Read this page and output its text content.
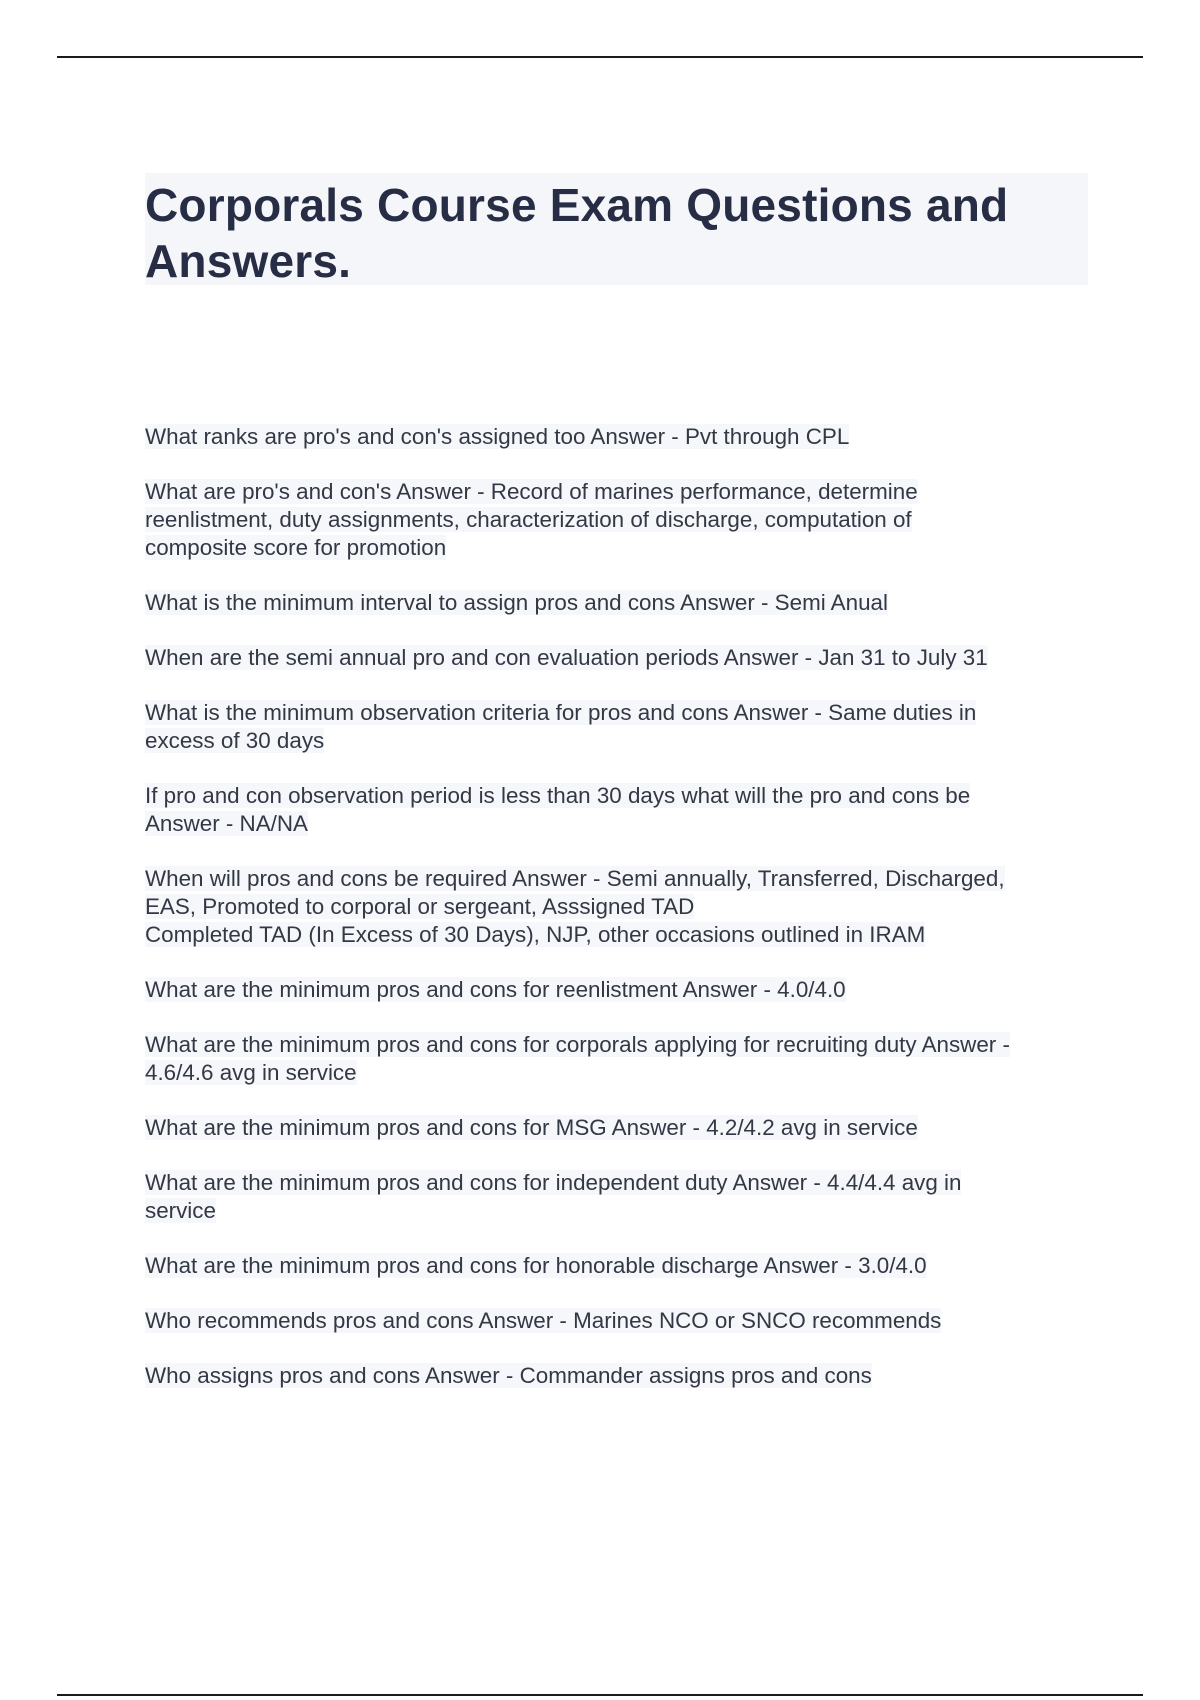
Corporals Course Exam Questions and Answers.
What ranks are pro's and con's assigned too Answer - Pvt through CPL
What are pro's and con's Answer - Record of marines performance, determine
reenlistment, duty assignments, characterization of discharge, computation of
composite score for promotion
What is the minimum interval to assign pros and cons Answer - Semi Anual
When are the semi annual pro and con evaluation periods Answer - Jan 31 to July 31
What is the minimum observation criteria for pros and cons Answer - Same duties in
excess of 30 days
If pro and con observation period is less than 30 days what will the pro and cons be
Answer - NA/NA
When will pros and cons be required Answer - Semi annually, Transferred, Discharged,
EAS, Promoted to corporal or sergeant, Asssigned TAD
Completed TAD (In Excess of 30 Days), NJP, other occasions outlined in IRAM
What are the minimum pros and cons for reenlistment Answer - 4.0/4.0
What are the minimum pros and cons for corporals applying for recruiting duty Answer -
4.6/4.6 avg in service
What are the minimum pros and cons for MSG Answer - 4.2/4.2 avg in service
What are the minimum pros and cons for independent duty Answer - 4.4/4.4 avg in
service
What are the minimum pros and cons for honorable discharge Answer - 3.0/4.0
Who recommends pros and cons Answer - Marines NCO or SNCO recommends
Who assigns pros and cons Answer - Commander assigns pros and cons
